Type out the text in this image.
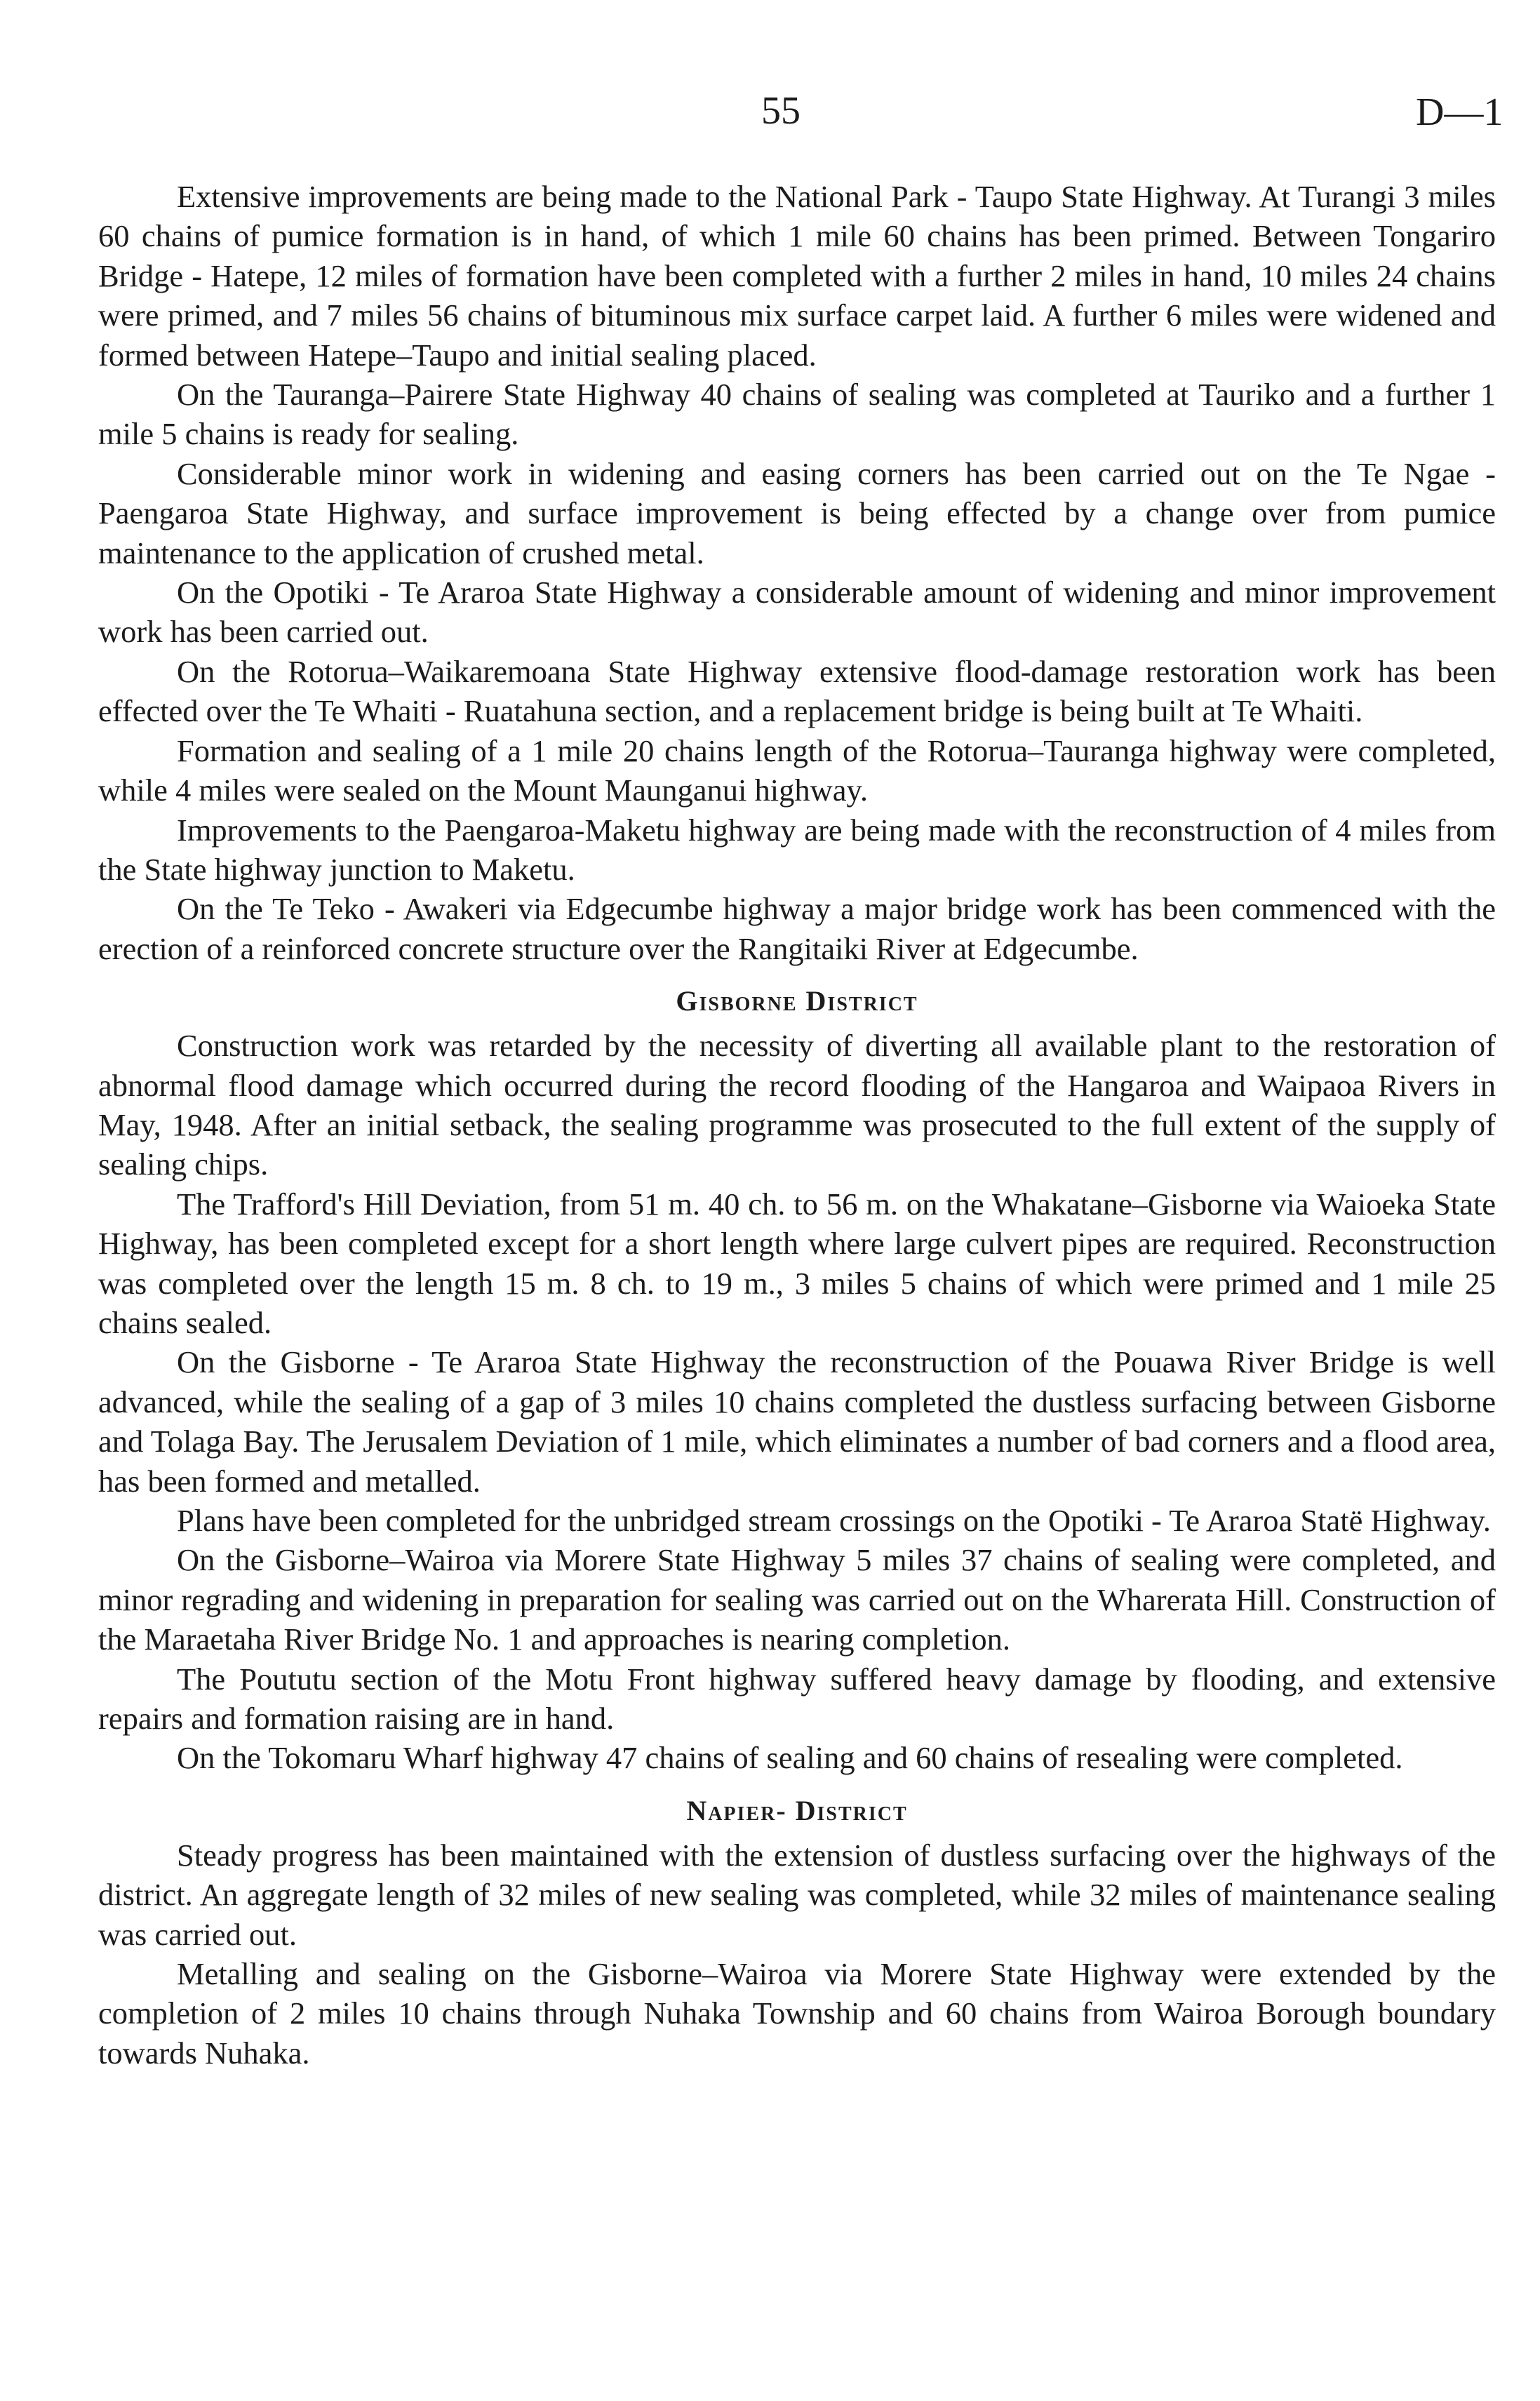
55	D—1

Extensive improvements are being made to the National Park - Taupo State Highway. At Turangi 3 miles 60 chains of pumice formation is in hand, of which 1 mile 60 chains has been primed. Between Tongariro Bridge - Hatepe, 12 miles of formation have been completed with a further 2 miles in hand, 10 miles 24 chains were primed, and 7 miles 56 chains of bituminous mix surface carpet laid. A further 6 miles were widened and formed between Hatepe–Taupo and initial sealing placed.

On the Tauranga–Pairere State Highway 40 chains of sealing was completed at Tauriko and a further 1 mile 5 chains is ready for sealing.

Considerable minor work in widening and easing corners has been carried out on the Te Ngae - Paengaroa State Highway, and surface improvement is being effected by a change over from pumice maintenance to the application of crushed metal.

On the Opotiki - Te Araroa State Highway a considerable amount of widening and minor improvement work has been carried out.

On the Rotorua–Waikaremoana State Highway extensive flood-damage restoration work has been effected over the Te Whaiti - Ruatahuna section, and a replacement bridge is being built at Te Whaiti.

Formation and sealing of a 1 mile 20 chains length of the Rotorua–Tauranga highway were completed, while 4 miles were sealed on the Mount Maunganui highway.

Improvements to the Paengaroa-Maketu highway are being made with the reconstruction of 4 miles from the State highway junction to Maketu.

On the Te Teko - Awakeri via Edgecumbe highway a major bridge work has been commenced with the erection of a reinforced concrete structure over the Rangitaiki River at Edgecumbe.

Gisborne District

Construction work was retarded by the necessity of diverting all available plant to the restoration of abnormal flood damage which occurred during the record flooding of the Hangaroa and Waipaoa Rivers in May, 1948. After an initial setback, the sealing programme was prosecuted to the full extent of the supply of sealing chips.

The Trafford's Hill Deviation, from 51 m. 40 ch. to 56 m. on the Whakatane–Gisborne via Waioeka State Highway, has been completed except for a short length where large culvert pipes are required. Reconstruction was completed over the length 15 m. 8 ch. to 19 m., 3 miles 5 chains of which were primed and 1 mile 25 chains sealed.

On the Gisborne - Te Araroa State Highway the reconstruction of the Pouawa River Bridge is well advanced, while the sealing of a gap of 3 miles 10 chains completed the dustless surfacing between Gisborne and Tolaga Bay. The Jerusalem Deviation of 1 mile, which eliminates a number of bad corners and a flood area, has been formed and metalled.

Plans have been completed for the unbridged stream crossings on the Opotiki - Te Araroa Statё Highway.

On the Gisborne–Wairoa via Morere State Highway 5 miles 37 chains of sealing were completed, and minor regrading and widening in preparation for sealing was carried out on the Wharerata Hill. Construction of the Maraetaha River Bridge No. 1 and approaches is nearing completion.

The Poututu section of the Motu Front highway suffered heavy damage by flooding, and extensive repairs and formation raising are in hand.

On the Tokomaru Wharf highway 47 chains of sealing and 60 chains of resealing were completed.

Napier- District

Steady progress has been maintained with the extension of dustless surfacing over the highways of the district. An aggregate length of 32 miles of new sealing was completed, while 32 miles of maintenance sealing was carried out.

Metalling and sealing on the Gisborne–Wairoa via Morere State Highway were extended by the completion of 2 miles 10 chains through Nuhaka Township and 60 chains from Wairoa Borough boundary towards Nuhaka.
